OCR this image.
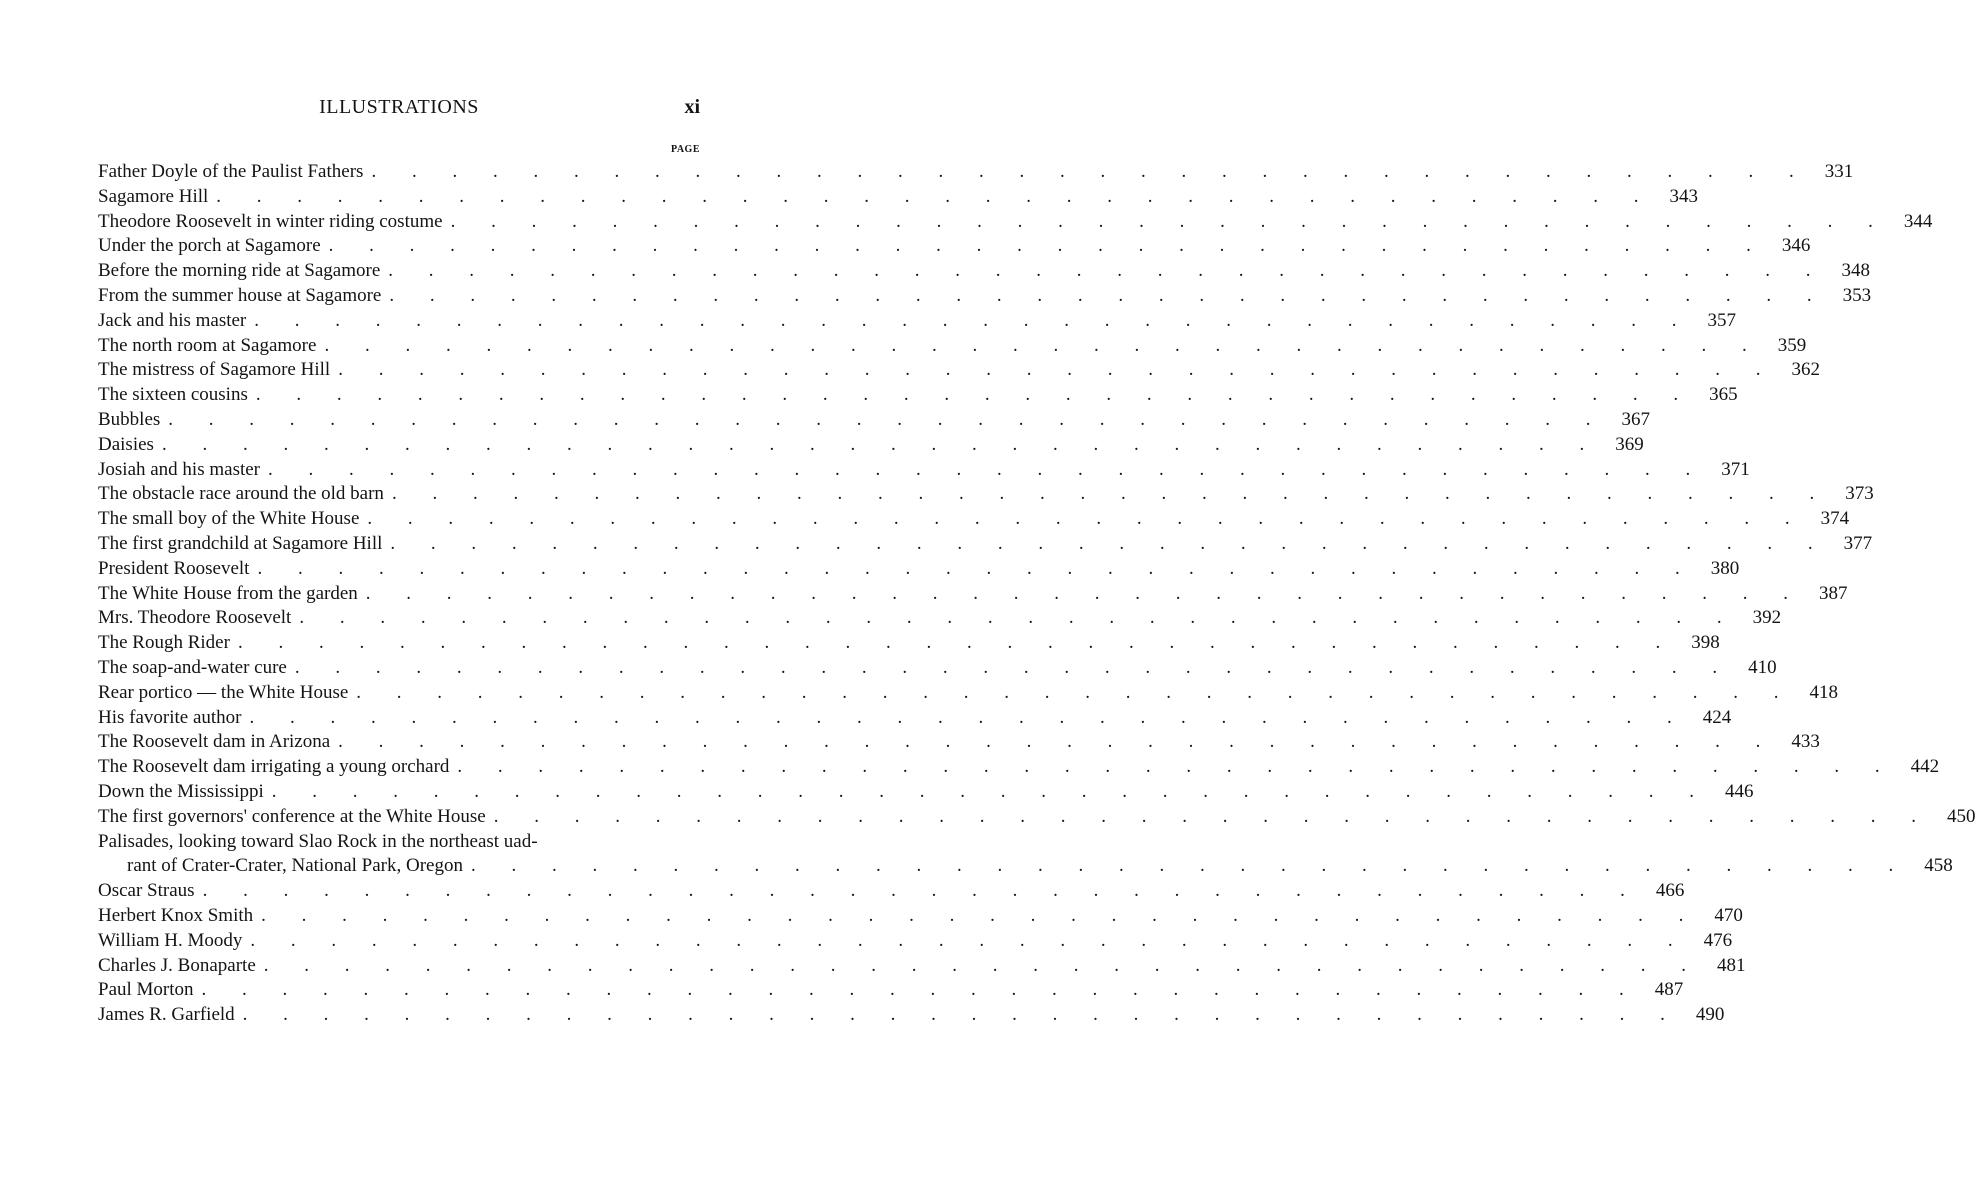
ILLUSTRATIONS	xi
PAGE
Father Doyle of the Paulist Fathers . . . . . . . . . . . . . . . . . . . . . . . . . . . . . . . . . . . . 331
Sagamore Hill . . . . . . . . . . . . . . . . . . . . . . . . . . . . . . . . . . . . 343
Theodore Roosevelt in winter riding costume . . . . . . . . . . . . . . . . . . . . . . . . . . . . . . . . . . . . 344
Under the porch at Sagamore . . . . . . . . . . . . . . . . . . . . . . . . . . . . . . . . . . . . 346
Before the morning ride at Sagamore . . . . . . . . . . . . . . . . . . . . . . . . . . . . . . . . . . . . 348
From the summer house at Sagamore . . . . . . . . . . . . . . . . . . . . . . . . . . . . . . . . . . . . 353
Jack and his master . . . . . . . . . . . . . . . . . . . . . . . . . . . . . . . . . . . . 357
The north room at Sagamore . . . . . . . . . . . . . . . . . . . . . . . . . . . . . . . . . . . . 359
The mistress of Sagamore Hill . . . . . . . . . . . . . . . . . . . . . . . . . . . . . . . . . . . . 362
The sixteen cousins . . . . . . . . . . . . . . . . . . . . . . . . . . . . . . . . . . . . 365
Bubbles . . . . . . . . . . . . . . . . . . . . . . . . . . . . . . . . . . . . 367
Daisies . . . . . . . . . . . . . . . . . . . . . . . . . . . . . . . . . . . . 369
Josiah and his master . . . . . . . . . . . . . . . . . . . . . . . . . . . . . . . . . . . . 371
The obstacle race around the old barn . . . . . . . . . . . . . . . . . . . . . . . . . . . . . . . . . . . . 373
The small boy of the White House . . . . . . . . . . . . . . . . . . . . . . . . . . . . . . . . . . . . 374
The first grandchild at Sagamore Hill . . . . . . . . . . . . . . . . . . . . . . . . . . . . . . . . . . . . 377
President Roosevelt . . . . . . . . . . . . . . . . . . . . . . . . . . . . . . . . . . . . 380
The White House from the garden . . . . . . . . . . . . . . . . . . . . . . . . . . . . . . . . . . . . 387
Mrs. Theodore Roosevelt . . . . . . . . . . . . . . . . . . . . . . . . . . . . . . . . . . . . 392
The Rough Rider . . . . . . . . . . . . . . . . . . . . . . . . . . . . . . . . . . . . 398
The soap-and-water cure . . . . . . . . . . . . . . . . . . . . . . . . . . . . . . . . . . . . 410
Rear portico — the White House . . . . . . . . . . . . . . . . . . . . . . . . . . . . . . . . . . . . 418
His favorite author . . . . . . . . . . . . . . . . . . . . . . . . . . . . . . . . . . . . 424
The Roosevelt dam in Arizona . . . . . . . . . . . . . . . . . . . . . . . . . . . . . . . . . . . . 433
The Roosevelt dam irrigating a young orchard . . . . . . . . . . . . . . . . . . . . . . . . . . . . . . . . . . . . 442
Down the Mississippi . . . . . . . . . . . . . . . . . . . . . . . . . . . . . . . . . . . . 446
The first governors' conference at the White House . . . . . . . . . . . . . . . . . . . . . . . . . . . . . . . . . . . . 450
Palisades, looking toward Slao Rock in the northeast uad-
rant of Crater-Crater, National Park, Oregon . . . . . . . . . . . . . . . . . . . . . . . . . . . . . . . . . . . . 458
Oscar Straus . . . . . . . . . . . . . . . . . . . . . . . . . . . . . . . . . . . . 466
Herbert Knox Smith . . . . . . . . . . . . . . . . . . . . . . . . . . . . . . . . . . . . 470
William H. Moody . . . . . . . . . . . . . . . . . . . . . . . . . . . . . . . . . . . . 476
Charles J. Bonaparte . . . . . . . . . . . . . . . . . . . . . . . . . . . . . . . . . . . . 481
Paul Morton . . . . . . . . . . . . . . . . . . . . . . . . . . . . . . . . . . . . 487
James R. Garfield . . . . . . . . . . . . . . . . . . . . . . . . . . . . . . . . . . . . 490
